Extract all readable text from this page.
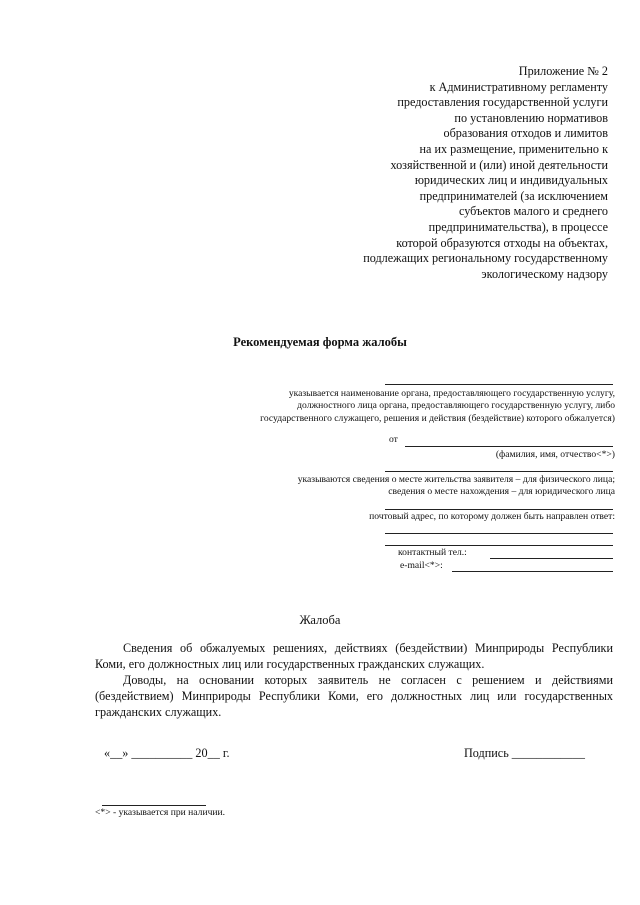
Приложение № 2
к Административному регламенту
предоставления государственной услуги
по установлению нормативов
образования отходов и лимитов
на их размещение, применительно к
хозяйственной и (или) иной деятельности
юридических лиц и индивидуальных
предпринимателей (за исключением
субъектов малого и среднего
предпринимательства), в процессе
которой образуются отходы на объектах,
подлежащих региональному государственному
экологическому надзору
Рекомендуемая форма жалобы
указывается наименование органа, предоставляющего государственную услугу,
должностного лица органа, предоставляющего государственную услугу, либо
государственного служащего, решения и действия (бездействие) которого обжалуется)
от
(фамилия, имя, отчество<*>)
указываются сведения о месте жительства заявителя – для физического лица;
сведения о месте нахождения – для юридического лица
почтовый адрес, по которому должен быть направлен ответ:
контактный тел.:
e-mail<*>:
Жалоба
Сведения об обжалуемых решениях, действиях (бездействии) Минприроды Республики Коми, его должностных лиц или государственных гражданских служащих.
Доводы, на основании которых заявитель не согласен с решением и действиями (бездействием) Минприроды Республики Коми, его должностных лиц или государственных гражданских служащих.
«__» __________ 20__ г.	Подпись ____________
<*> - указывается при наличии.
